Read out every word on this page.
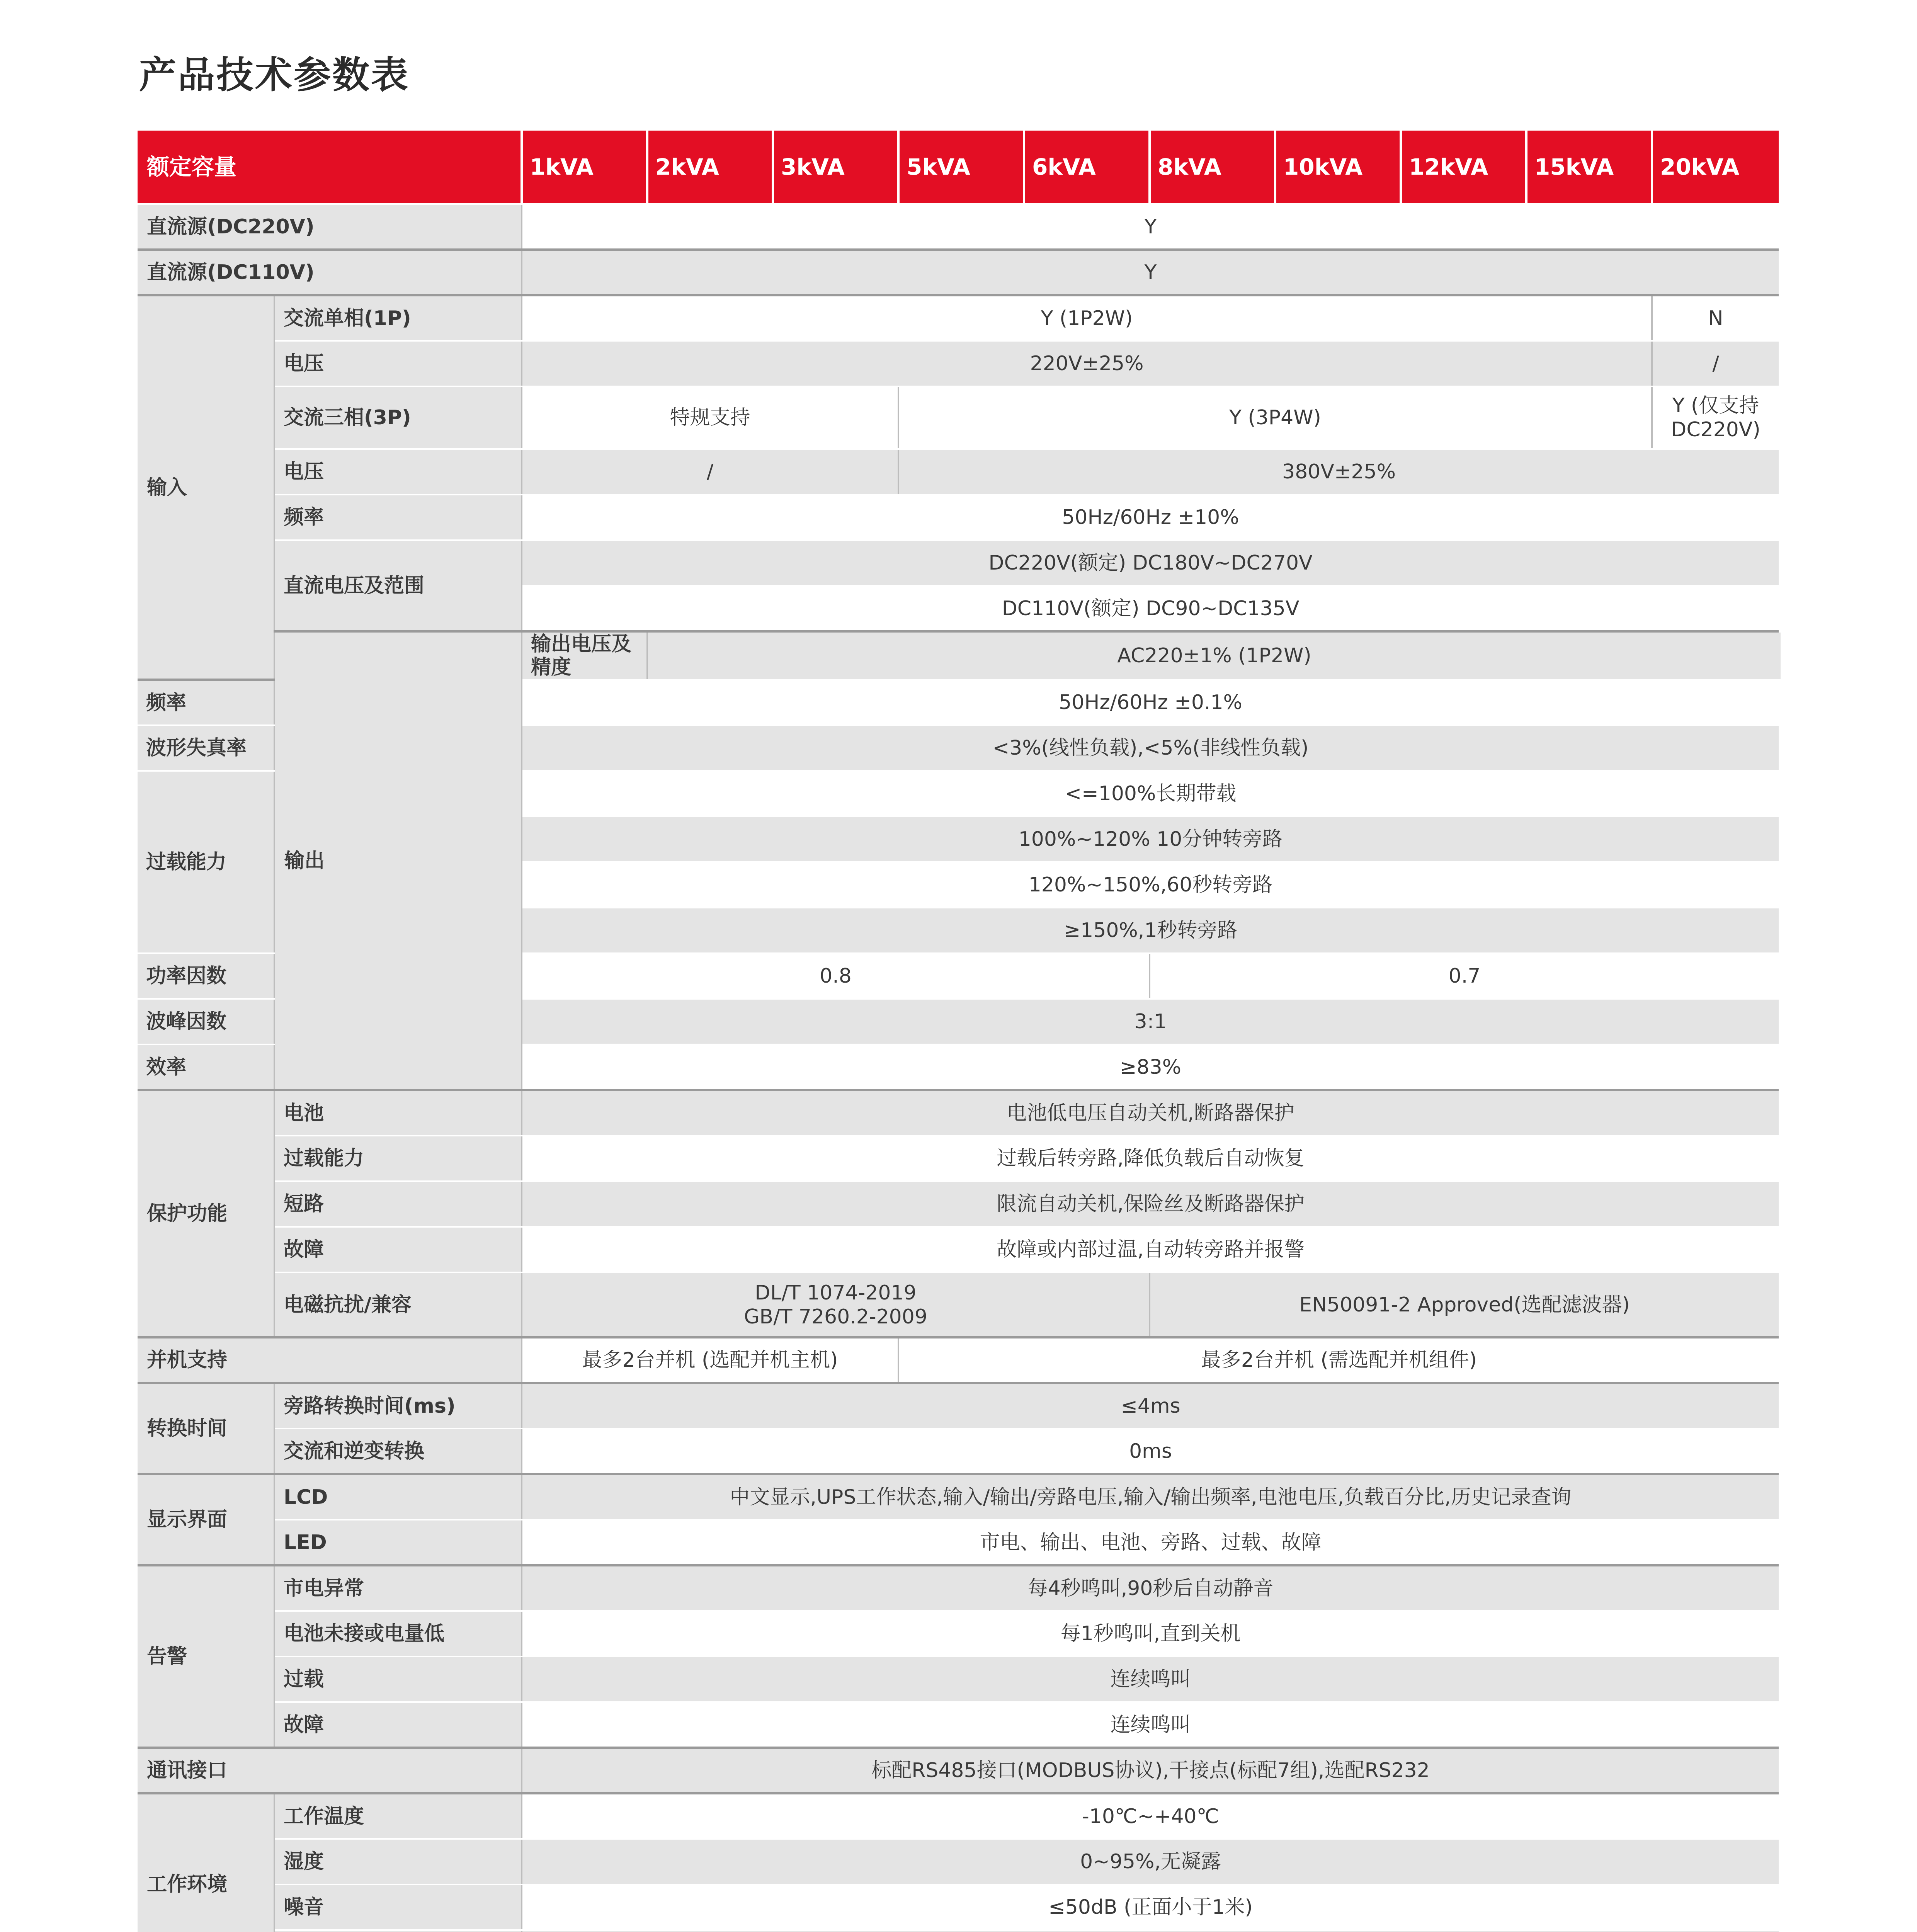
产品技术参数表
额定容量		1kVA	2kVA	3kVA	5kVA	6kVA	8kVA	10kVA	12kVA	15kVA	20kVA
直流源(DC220V)		Y									
直流源(DC110V)		Y									
输入	交流单相(1P)	Y (1P2W)									N
	电压	220V±25%									/
	交流三相(3P)	特规支持			Y (3P4W)						Y (仅支持
DC220V)

	电压	/			380V±25%						
	频率	50Hz/60Hz ±10%									
	直流电压及范围	DC220V(额定) DC180V~DC270V									
		DC110V(额定) DC90~DC135V									
	输出	输出电压及精度	AC220±1% (1P2W)								
频率		50Hz/60Hz ±0.1%									
波形失真率		<3%(线性负载),<5%(非线性负载)									
过载能力		<=100%长期带载									
		100%~120% 10分钟转旁路									
		120%~150%,60秒转旁路									
		≥150%,1秒转旁路									
功率因数		0.8					0.7				
波峰因数		3:1									
效率		≥83%									
保护功能	电池	电池低电压自动关机,断路器保护									
	过载能力	过载后转旁路,降低负载后自动恢复									
	短路	限流自动关机,保险丝及断路器保护									
	故障	故障或内部过温,自动转旁路并报警									
	电磁抗扰/兼容	DL/T 1074-2019
GB/T 7260.2-2009					EN50091-2 Approved(选配滤波器)				
并机支持		最多2台并机 (选配并机主机)			最多2台并机 (需选配并机组件)						
转换时间	旁路转换时间(ms)	≤4ms									
	交流和逆变转换	0ms									
显示界面	LCD	中文显示,UPS工作状态,输入/输出/旁路电压,输入/输出频率,电池电压,负载百分比,历史记录查询									
	LED	市电、输出、电池、旁路、过载、故障									
告警	市电异常	每4秒鸣叫,90秒后自动静音									
	电池未接或电量低	每1秒鸣叫,直到关机									
	过载	连续鸣叫									
	故障	连续鸣叫									
通讯接口		标配RS485接口(MODBUS协议),干接点(标配7组),选配RS232									
工作环境	工作温度	-10℃~+40℃									
	湿度	0~95%,无凝露									
	噪音	≤50dB (正面小于1米)									
